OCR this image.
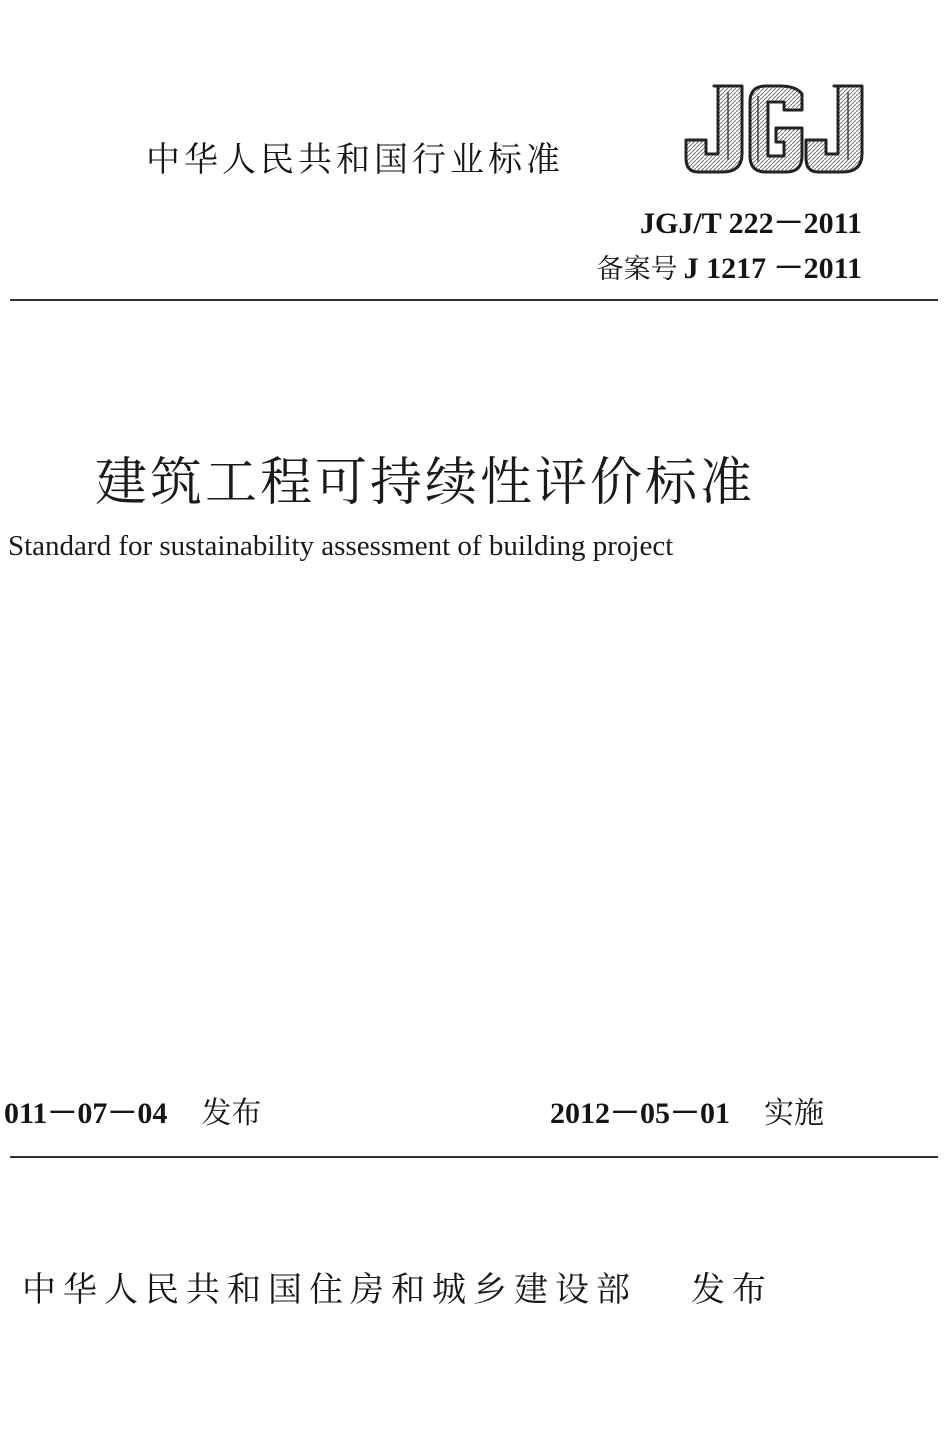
中华人民共和国行业标准
JGJ/T 222－2011
备案号 J 1217 －2011
建筑工程可持续性评价标准
Standard for sustainability assessment of building project
011－07－04 发布	2012－05－01 实施
中华人民共和国住房和城乡建设部 发布
